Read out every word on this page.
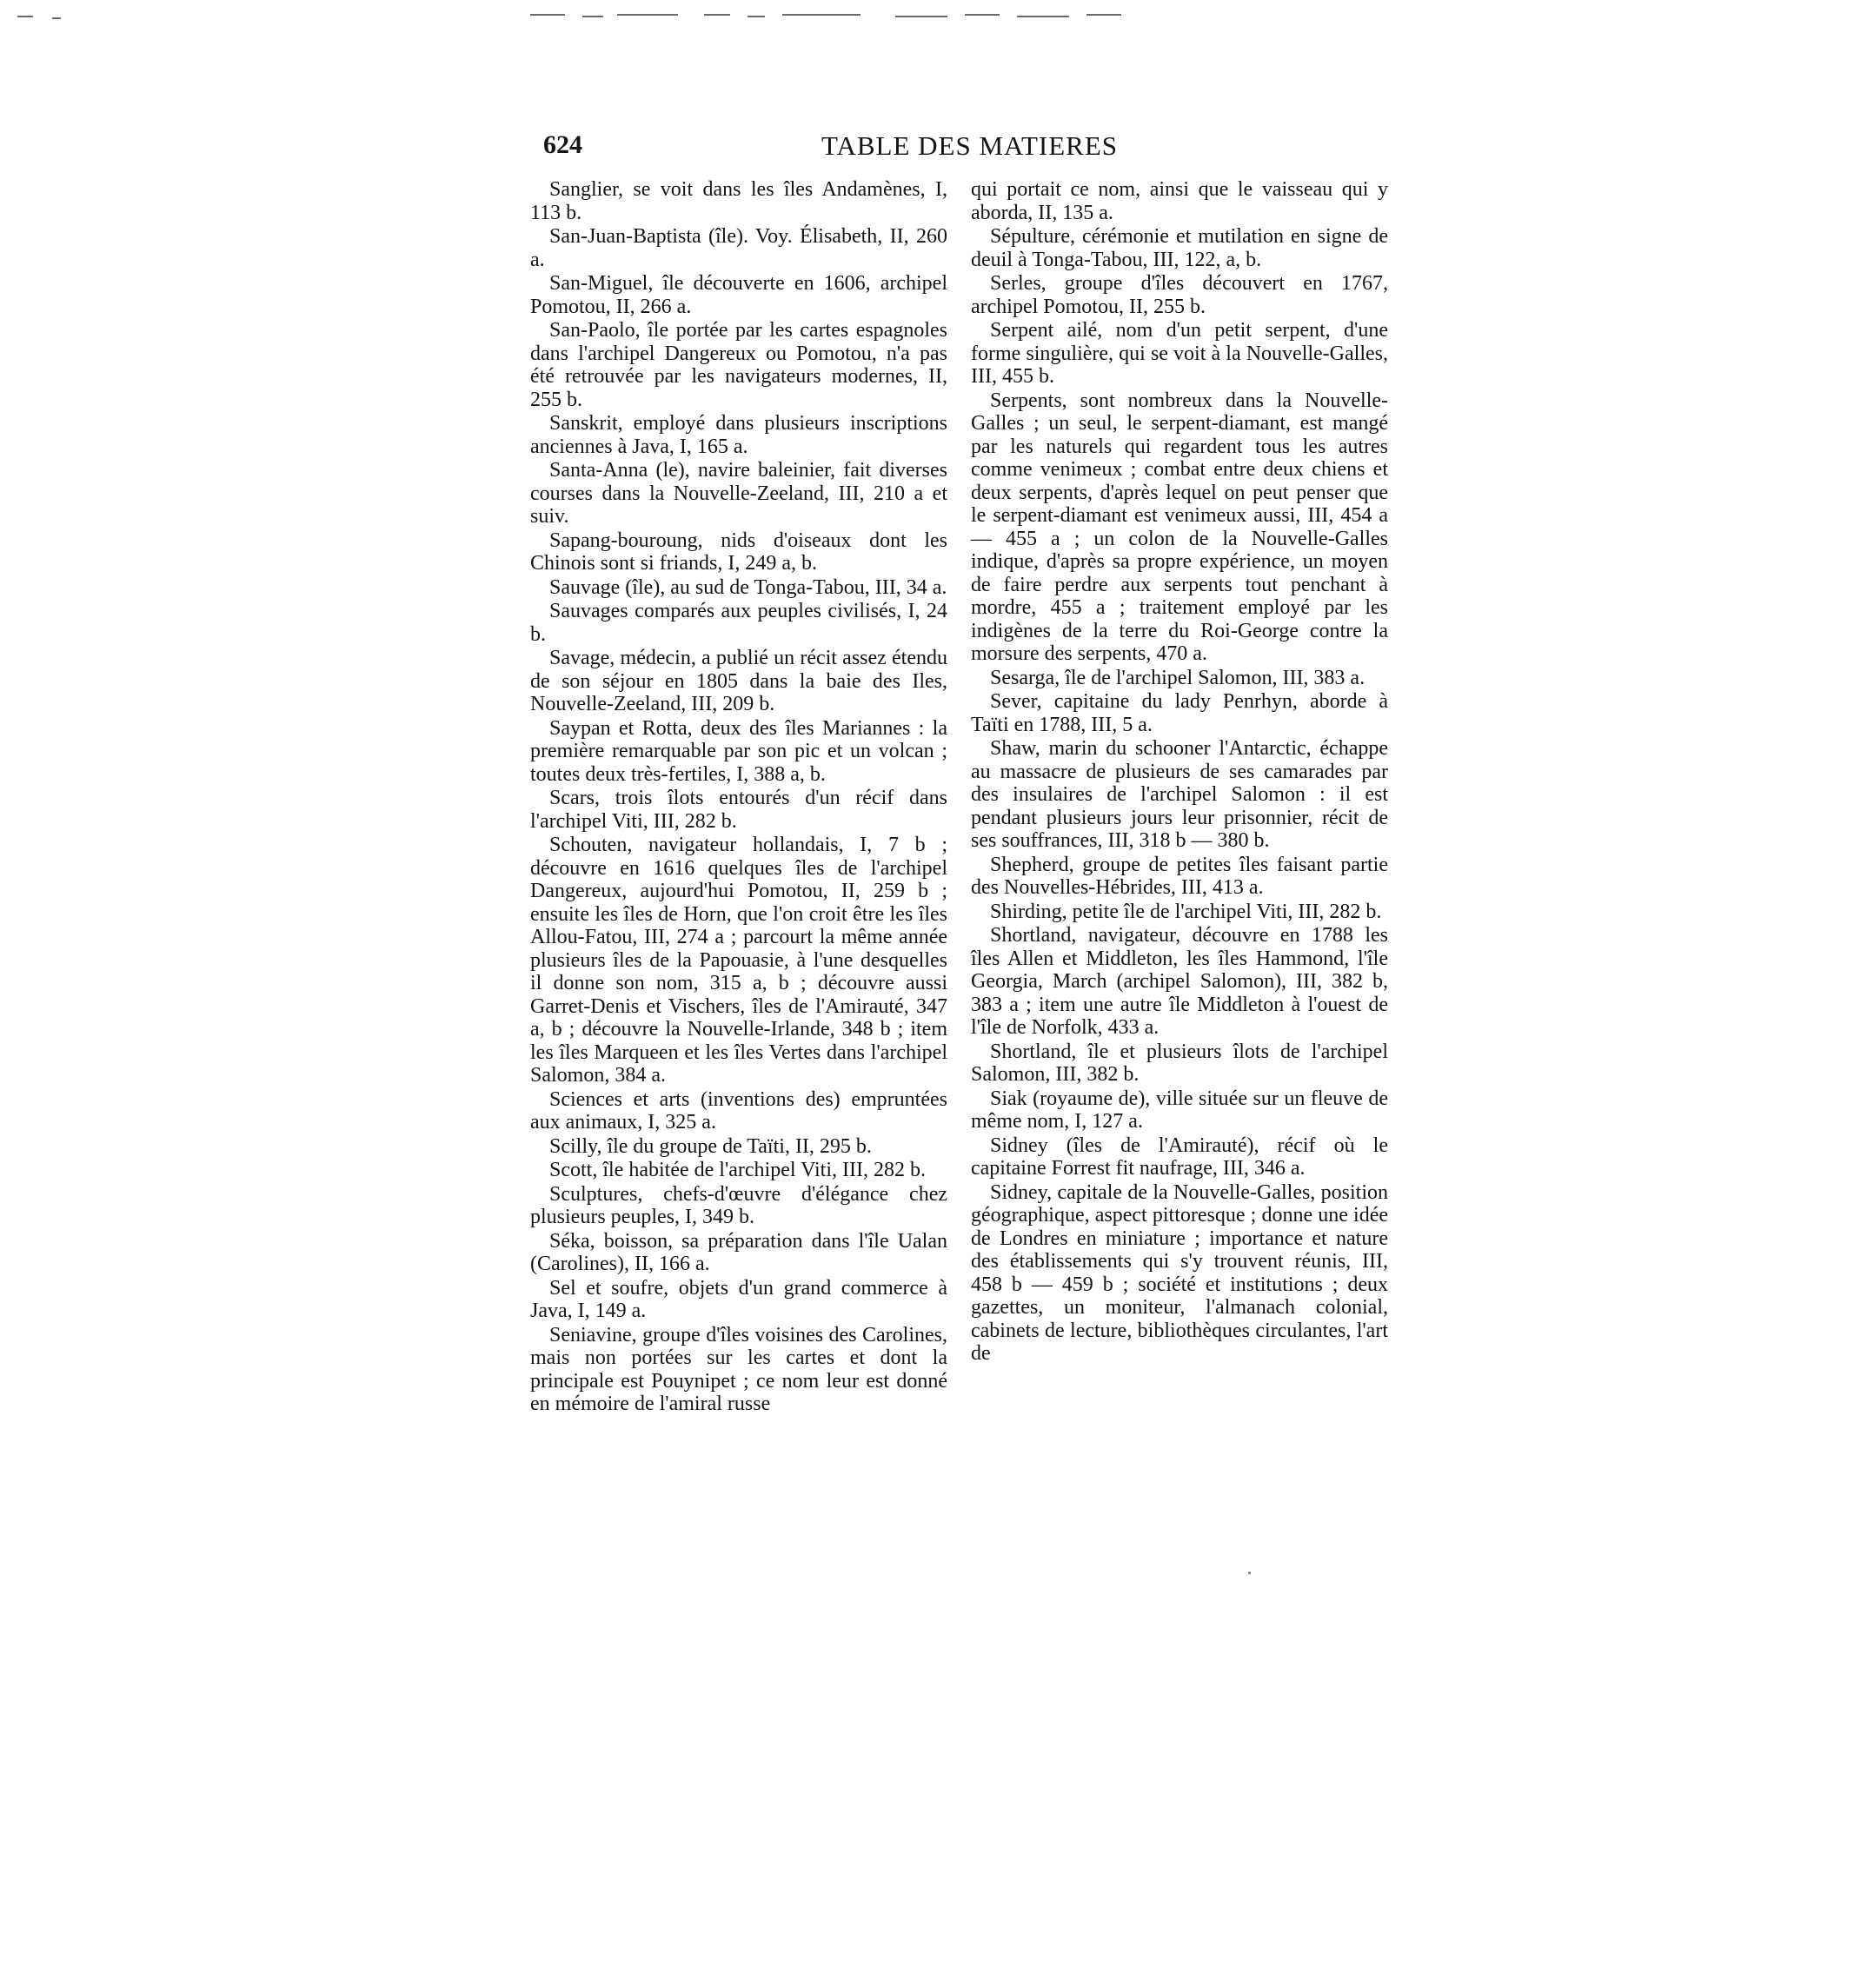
624	TABLE DES MATIERES

Sanglier, se voit dans les îles Andamènes, I, 113 b.

San-Juan-Baptista (île). Voy. Élisabeth, II, 260 a.

San-Miguel, île découverte en 1606, archipel Pomotou, II, 266 a.

San-Paolo, île portée par les cartes espagnoles dans l'archipel Dangereux ou Pomotou, n'a pas été retrouvée par les navigateurs modernes, II, 255 b.

Sanskrit, employé dans plusieurs inscriptions anciennes à Java, I, 165 a.

Santa-Anna (le), navire baleinier, fait diverses courses dans la Nouvelle-Zeeland, III, 210 a et suiv.

Sapang-bouroung, nids d'oiseaux dont les Chinois sont si friands, I, 249 a, b.

Sauvage (île), au sud de Tonga-Tabou, III, 34 a.

Sauvages comparés aux peuples civilisés, I, 24 b.

Savage, médecin, a publié un récit assez étendu de son séjour en 1805 dans la baie des Iles, Nouvelle-Zeeland, III, 209 b.

Saypan et Rotta, deux des îles Mariannes : la première remarquable par son pic et un volcan ; toutes deux très-fertiles, I, 388 a, b.

Scars, trois îlots entourés d'un récif dans l'archipel Viti, III, 282 b.

Schouten, navigateur hollandais, I, 7 b ; découvre en 1616 quelques îles de l'archipel Dangereux, aujourd'hui Pomotou, II, 259 b ; ensuite les îles de Horn, que l'on croit être les îles Allou-Fatou, III, 274 a ; parcourt la même année plusieurs îles de la Papouasie, à l'une desquelles il donne son nom, 315 a, b ; découvre aussi Garret-Denis et Vischers, îles de l'Amirauté, 347 a, b ; découvre la Nouvelle-Irlande, 348 b ; item les îles Marqueen et les îles Vertes dans l'archipel Salomon, 384 a.

Sciences et arts (inventions des) empruntées aux animaux, I, 325 a.

Scilly, île du groupe de Taïti, II, 295 b.

Scott, île habitée de l'archipel Viti, III, 282 b.

Sculptures, chefs-d'œuvre d'élégance chez plusieurs peuples, I, 349 b.

Séka, boisson, sa préparation dans l'île Ualan (Carolines), II, 166 a.

Sel et soufre, objets d'un grand commerce à Java, I, 149 a.

Seniavine, groupe d'îles voisines des Carolines, mais non portées sur les cartes et dont la principale est Pouynipet ; ce nom leur est donné en mémoire de l'amiral russe

qui portait ce nom, ainsi que le vaisseau qui y aborda, II, 135 a.

Sépulture, cérémonie et mutilation en signe de deuil à Tonga-Tabou, III, 122, a, b.

Serles, groupe d'îles découvert en 1767, archipel Pomotou, II, 255 b.

Serpent ailé, nom d'un petit serpent, d'une forme singulière, qui se voit à la Nouvelle-Galles, III, 455 b.

Serpents, sont nombreux dans la Nouvelle-Galles ; un seul, le serpent-diamant, est mangé par les naturels qui regardent tous les autres comme venimeux ; combat entre deux chiens et deux serpents, d'après lequel on peut penser que le serpent-diamant est venimeux aussi, III, 454 a — 455 a ; un colon de la Nouvelle-Galles indique, d'après sa propre expérience, un moyen de faire perdre aux serpents tout penchant à mordre, 455 a ; traitement employé par les indigènes de la terre du Roi-George contre la morsure des serpents, 470 a.

Sesarga, île de l'archipel Salomon, III, 383 a.

Sever, capitaine du lady Penrhyn, aborde à Taïti en 1788, III, 5 a.

Shaw, marin du schooner l'Antarctic, échappe au massacre de plusieurs de ses camarades par des insulaires de l'archipel Salomon : il est pendant plusieurs jours leur prisonnier, récit de ses souffrances, III, 318 b — 380 b.

Shepherd, groupe de petites îles faisant partie des Nouvelles-Hébrides, III, 413 a.

Shirding, petite île de l'archipel Viti, III, 282 b.

Shortland, navigateur, découvre en 1788 les îles Allen et Middleton, les îles Hammond, l'île Georgia, March (archipel Salomon), III, 382 b, 383 a ; item une autre île Middleton à l'ouest de l'île de Norfolk, 433 a.

Shortland, île et plusieurs îlots de l'archipel Salomon, III, 382 b.

Siak (royaume de), ville située sur un fleuve de même nom, I, 127 a.

Sidney (îles de l'Amirauté), récif où le capitaine Forrest fit naufrage, III, 346 a.

Sidney, capitale de la Nouvelle-Galles, position géographique, aspect pittoresque ; donne une idée de Londres en miniature ; importance et nature des établissements qui s'y trouvent réunis, III, 458 b — 459 b ; société et institutions ; deux gazettes, un moniteur, l'almanach colonial, cabinets de lecture, bibliothèques circulantes, l'art de
